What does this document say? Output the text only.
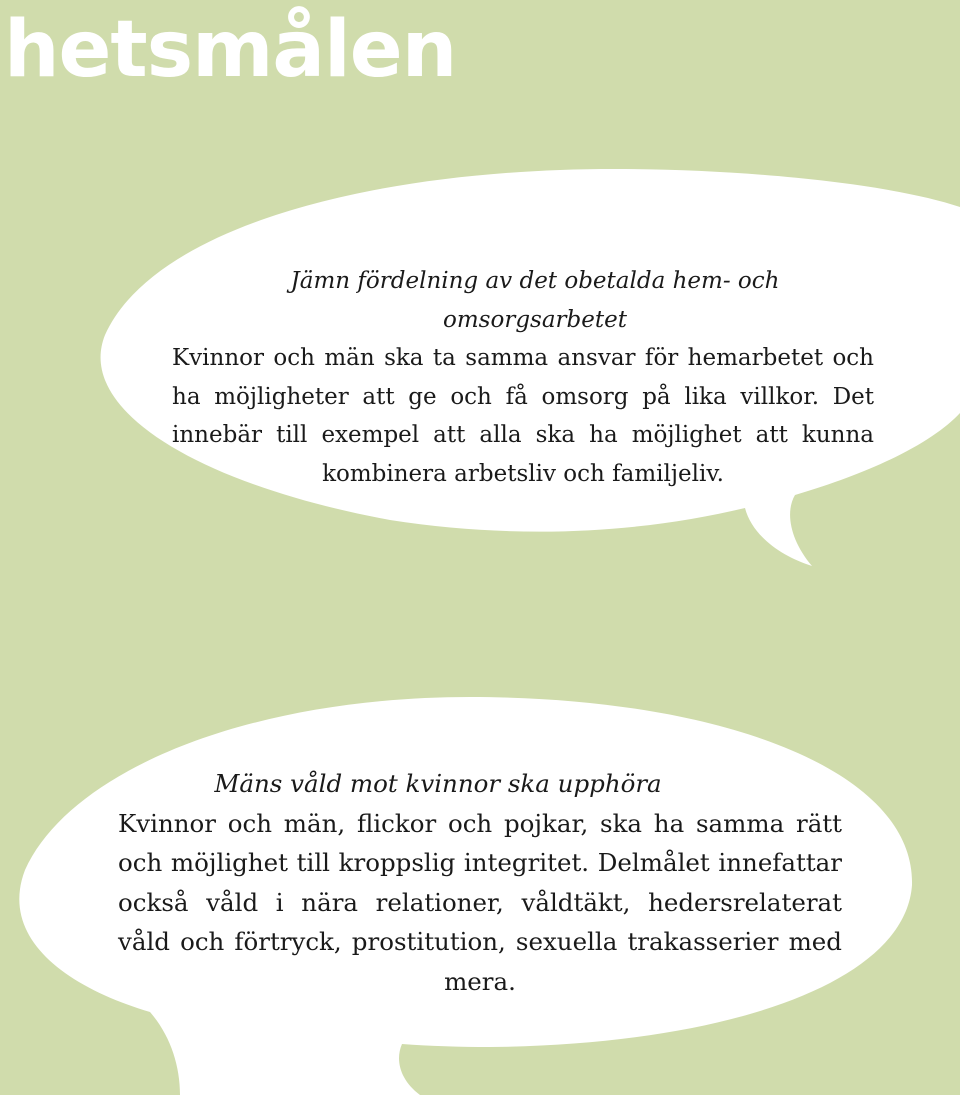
hetsmålen

Jämn fördelning av det obetalda hem- och omsorgsarbetet
Kvinnor och män ska ta samma ansvar för hemarbetet och ha möjligheter att ge och få omsorg på lika villkor. Det innebär till exempel att alla ska ha möjlighet att kunna kombinera arbetsliv och familjeliv.

Mäns våld mot kvinnor ska upphöra
Kvinnor och män, flickor och pojkar, ska ha samma rätt och möjlighet till kroppslig integritet. Delmålet innefattar också våld i nära relationer, våldtäkt, hedersrelaterat våld och förtryck, prostitution, sexuella trakasserier med mera.
